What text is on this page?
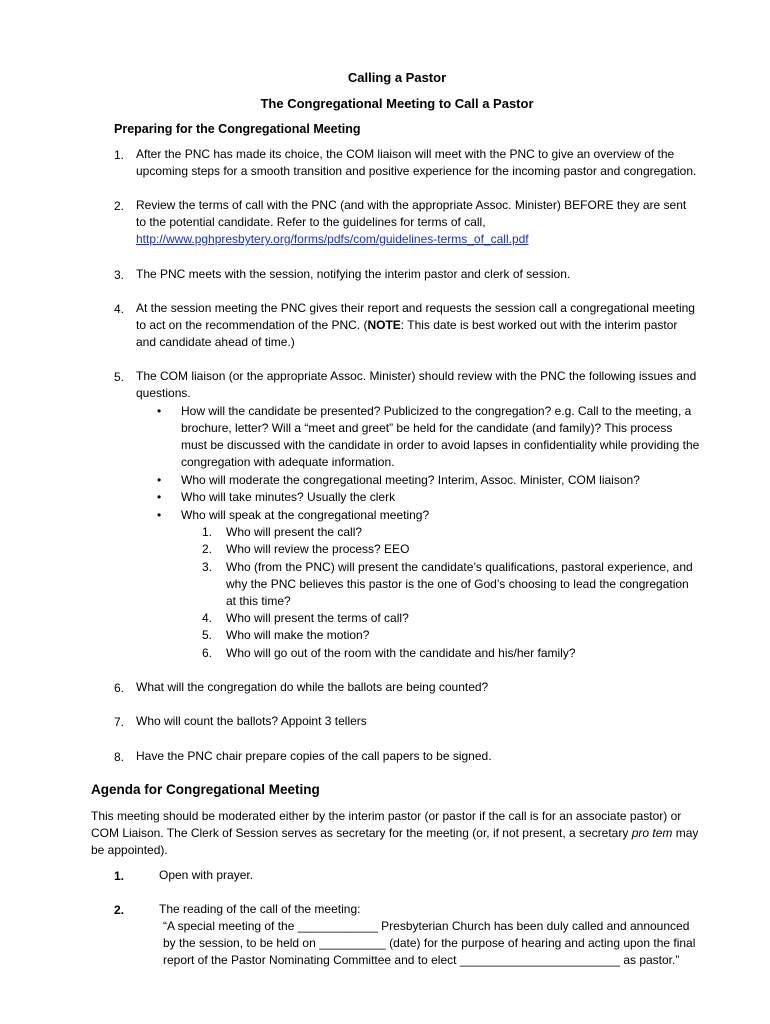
Calling a Pastor
The Congregational Meeting to Call a Pastor
Preparing for the Congregational Meeting
1. After the PNC has made its choice, the COM liaison will meet with the PNC to give an overview of the upcoming steps for a smooth transition and positive experience for the incoming pastor and congregation.
2. Review the terms of call with the PNC (and with the appropriate Assoc. Minister) BEFORE they are sent to the potential candidate. Refer to the guidelines for terms of call,

http://www.pghpresbytery.org/forms/pdfs/com/guidelines-terms_of_call.pdf

3. The PNC meets with the session, notifying the interim pastor and clerk of session.
4. At the session meeting the PNC gives their report and requests the session call a congregational meeting to act on the recommendation of the PNC. (NOTE: This date is best worked out with the interim pastor and candidate ahead of time.)
5. The COM liaison (or the appropriate Assoc. Minister) should review with the PNC the following issues and questions.
• How will the candidate be presented? Publicized to the congregation? e.g. Call to the meeting, a brochure, letter? Will a “meet and greet” be held for the candidate (and family)? This process must be discussed with the candidate in order to avoid lapses in confidentiality while providing the congregation with adequate information.
• Who will moderate the congregational meeting? Interim, Assoc. Minister, COM liaison?
• Who will take minutes? Usually the clerk
• Who will speak at the congregational meeting?
1. Who will present the call?
2. Who will review the process? EEO
3. Who (from the PNC) will present the candidate’s qualifications, pastoral experience, and why the PNC believes this pastor is the one of God’s choosing to lead the congregation at this time?
4. Who will present the terms of call?
5. Who will make the motion?
6. Who will go out of the room with the candidate and his/her family?
6. What will the congregation do while the ballots are being counted?
7. Who will count the ballots? Appoint 3 tellers
8. Have the PNC chair prepare copies of the call papers to be signed.
Agenda for Congregational Meeting
This meeting should be moderated either by the interim pastor (or pastor if the call is for an associate pastor) or COM Liaison. The Clerk of Session serves as secretary for the meeting (or, if not present, a secretary pro tem may be appointed).
1.	Open with prayer.
2.	The reading of the call of the meeting:

“A special meeting of the ____________ Presbyterian Church has been duly called and announced by the session, to be held on __________ (date) for the purpose of hearing and acting upon the final report of the Pastor Nominating Committee and to elect ________________________ as pastor.”
